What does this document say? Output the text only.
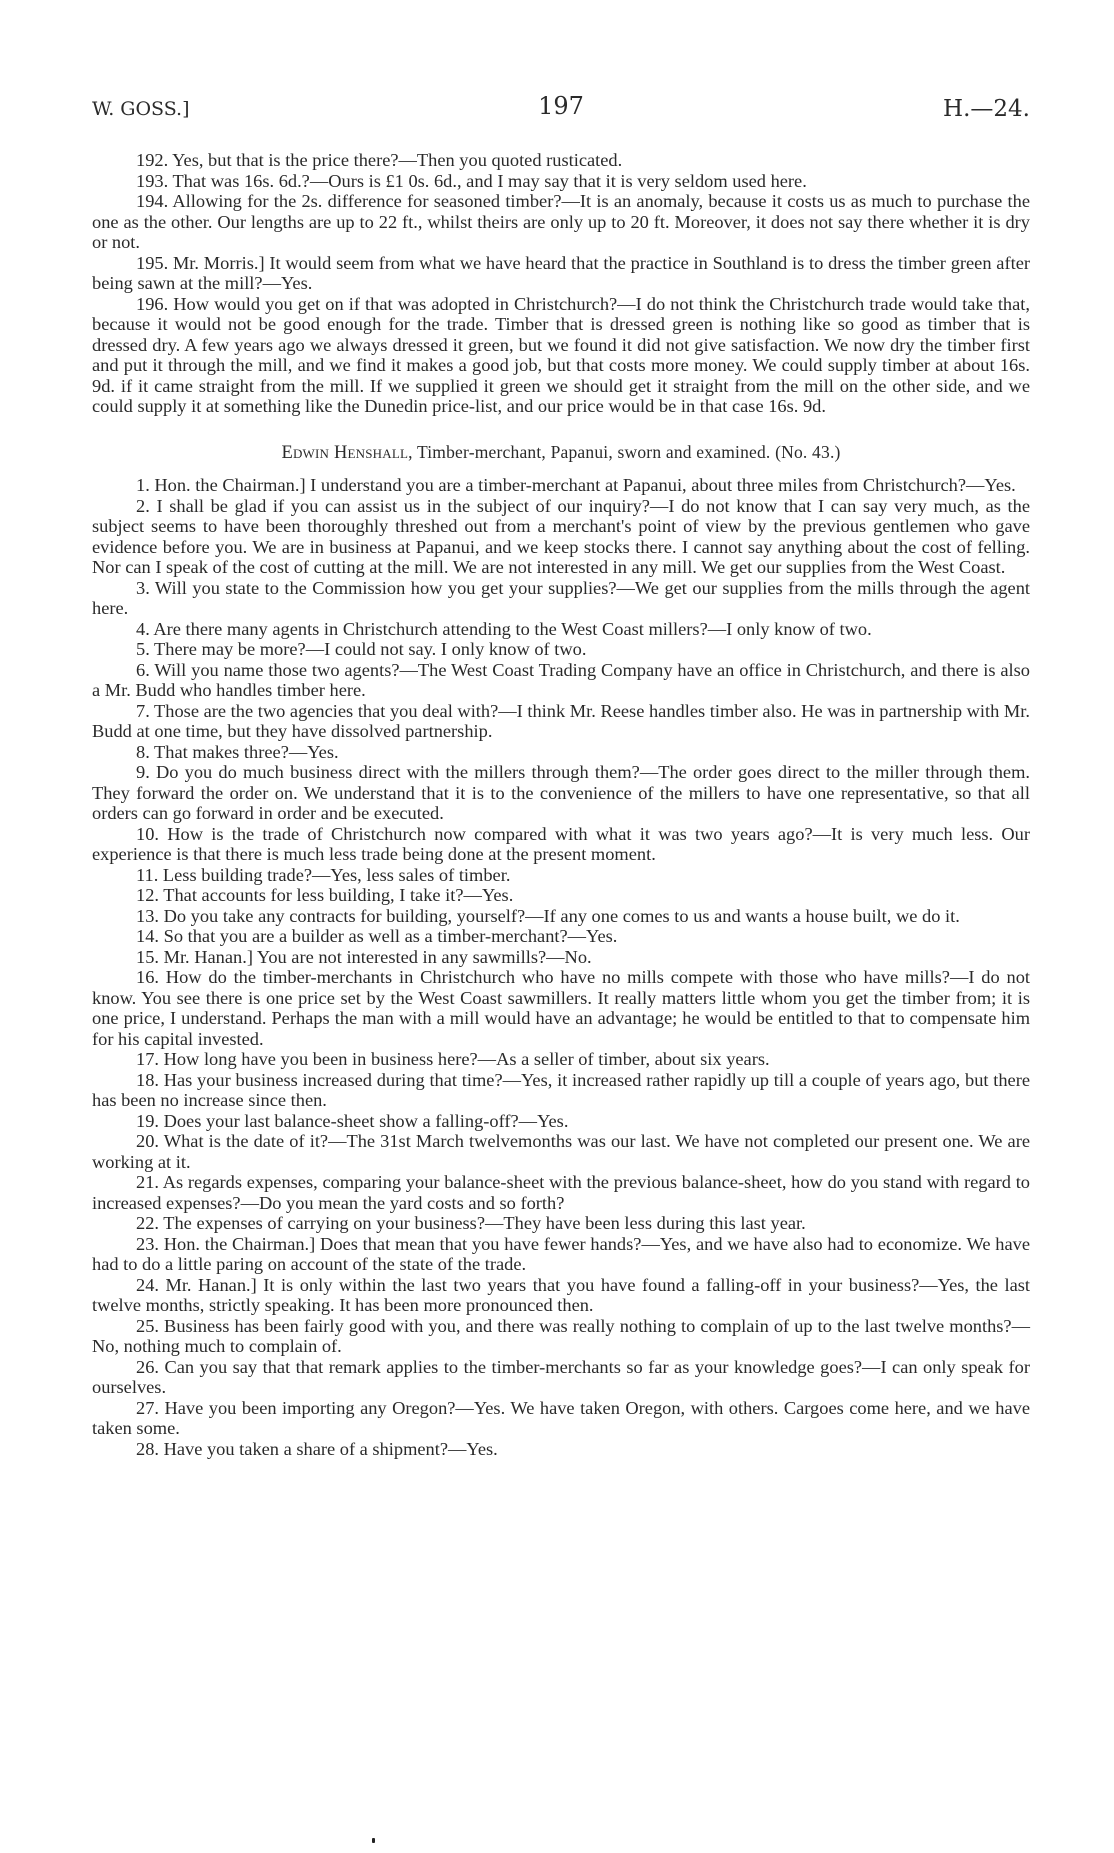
W. GOSS.]	197	H.—24.

192. Yes, but that is the price there?—Then you quoted rusticated.

193. That was 16s. 6d.?—Ours is £1 0s. 6d., and I may say that it is very seldom used here.

194. Allowing for the 2s. difference for seasoned timber?—It is an anomaly, because it costs us as much to purchase the one as the other. Our lengths are up to 22 ft., whilst theirs are only up to 20 ft. Moreover, it does not say there whether it is dry or not.

195. Mr. Morris.] It would seem from what we have heard that the practice in Southland is to dress the timber green after being sawn at the mill?—Yes.

196. How would you get on if that was adopted in Christchurch?—I do not think the Christchurch trade would take that, because it would not be good enough for the trade. Timber that is dressed green is nothing like so good as timber that is dressed dry. A few years ago we always dressed it green, but we found it did not give satisfaction. We now dry the timber first and put it through the mill, and we find it makes a good job, but that costs more money. We could supply timber at about 16s. 9d. if it came straight from the mill. If we supplied it green we should get it straight from the mill on the other side, and we could supply it at something like the Dunedin price-list, and our price would be in that case 16s. 9d.

Edwin Henshall, Timber-merchant, Papanui, sworn and examined. (No. 43.)

1. Hon. the Chairman.] I understand you are a timber-merchant at Papanui, about three miles from Christchurch?—Yes.

2. I shall be glad if you can assist us in the subject of our inquiry?—I do not know that I can say very much, as the subject seems to have been thoroughly threshed out from a merchant's point of view by the previous gentlemen who gave evidence before you. We are in business at Papanui, and we keep stocks there. I cannot say anything about the cost of felling. Nor can I speak of the cost of cutting at the mill. We are not interested in any mill. We get our supplies from the West Coast.

3. Will you state to the Commission how you get your supplies?—We get our supplies from the mills through the agent here.

4. Are there many agents in Christchurch attending to the West Coast millers?—I only know of two.

5. There may be more?—I could not say. I only know of two.

6. Will you name those two agents?—The West Coast Trading Company have an office in Christchurch, and there is also a Mr. Budd who handles timber here.

7. Those are the two agencies that you deal with?—I think Mr. Reese handles timber also. He was in partnership with Mr. Budd at one time, but they have dissolved partnership.

8. That makes three?—Yes.

9. Do you do much business direct with the millers through them?—The order goes direct to the miller through them. They forward the order on. We understand that it is to the convenience of the millers to have one representative, so that all orders can go forward in order and be executed.

10. How is the trade of Christchurch now compared with what it was two years ago?—It is very much less. Our experience is that there is much less trade being done at the present moment.

11. Less building trade?—Yes, less sales of timber.

12. That accounts for less building, I take it?—Yes.

13. Do you take any contracts for building, yourself?—If any one comes to us and wants a house built, we do it.

14. So that you are a builder as well as a timber-merchant?—Yes.

15. Mr. Hanan.] You are not interested in any sawmills?—No.

16. How do the timber-merchants in Christchurch who have no mills compete with those who have mills?—I do not know. You see there is one price set by the West Coast sawmillers. It really matters little whom you get the timber from; it is one price, I understand. Perhaps the man with a mill would have an advantage; he would be entitled to that to compensate him for his capital invested.

17. How long have you been in business here?—As a seller of timber, about six years.

18. Has your business increased during that time?—Yes, it increased rather rapidly up till a couple of years ago, but there has been no increase since then.

19. Does your last balance-sheet show a falling-off?—Yes.

20. What is the date of it?—The 31st March twelvemonths was our last. We have not completed our present one. We are working at it.

21. As regards expenses, comparing your balance-sheet with the previous balance-sheet, how do you stand with regard to increased expenses?—Do you mean the yard costs and so forth?

22. The expenses of carrying on your business?—They have been less during this last year.

23. Hon. the Chairman.] Does that mean that you have fewer hands?—Yes, and we have also had to economize. We have had to do a little paring on account of the state of the trade.

24. Mr. Hanan.] It is only within the last two years that you have found a falling-off in your business?—Yes, the last twelve months, strictly speaking. It has been more pronounced then.

25. Business has been fairly good with you, and there was really nothing to complain of up to the last twelve months?—No, nothing much to complain of.

26. Can you say that that remark applies to the timber-merchants so far as your knowledge goes?—I can only speak for ourselves.

27. Have you been importing any Oregon?—Yes. We have taken Oregon, with others. Cargoes come here, and we have taken some.

28. Have you taken a share of a shipment?—Yes.
